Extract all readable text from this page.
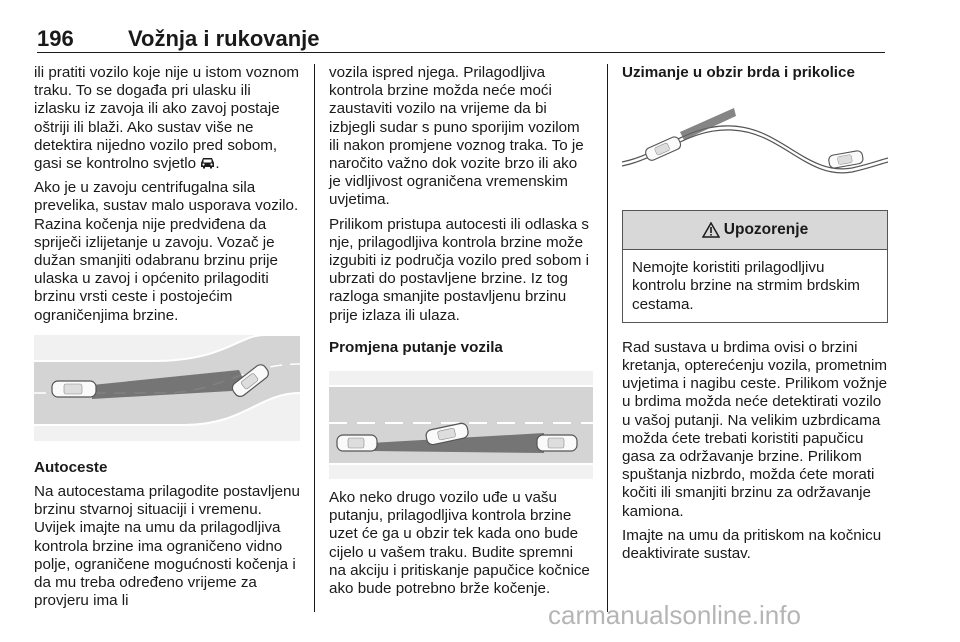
196 Vožnja i rukovanje

ili pratiti vozilo koje nije u istom voznom traku. To se događa pri ulasku ili izlasku iz zavoja ili ako zavoj postaje oštriji ili blaži. Ako sustav više ne detektira nijedno vozilo pred sobom, gasi se kontrolno svjetlo .

Ako je u zavoju centrifugalna sila prevelika, sustav malo usporava vozilo. Razina kočenja nije predviđena da spriječi izlijetanje u zavoju. Vozač je dužan smanjiti odabranu brzinu prije ulaska u zavoj i općenito prilagoditi brzinu vrsti ceste i postojećim ograničenjima brzine.

Autoceste

Na autocestama prilagodite postavljenu brzinu stvarnoj situaciji i vremenu. Uvijek imajte na umu da prilagodljiva kontrola brzine ima ograničeno vidno polje, ograničene mogućnosti kočenja i da mu treba određeno vrijeme za provjeru ima li

vozila ispred njega. Prilagodljiva kontrola brzine možda neće moći zaustaviti vozilo na vrijeme da bi izbjegli sudar s puno sporijim vozilom ili nakon promjene voznog traka. To je naročito važno dok vozite brzo ili ako je vidljivost ograničena vremenskim uvjetima.

Prilikom pristupa autocesti ili odlaska s nje, prilagodljiva kontrola brzine može izgubiti iz područja vozilo pred sobom i ubrzati do postavljene brzine. Iz tog razloga smanjite postavljenu brzinu prije izlaza ili ulaza.

Promjena putanje vozila

Ako neko drugo vozilo uđe u vašu putanju, prilagodljiva kontrola brzine uzet će ga u obzir tek kada ono bude cijelo u vašem traku. Budite spremni na akciju i pritiskanje papučice kočnice ako bude potrebno brže kočenje.

Uzimanje u obzir brda i prikolice

Upozorenje
Nemojte koristiti prilagodljivu kontrolu brzine na strmim brdskim cestama.

Rad sustava u brdima ovisi o brzini kretanja, opterećenju vozila, prometnim uvjetima i nagibu ceste. Prilikom vožnje u brdima možda neće detektirati vozilo u vašoj putanji. Na velikim uzbrdicama možda ćete trebati koristiti papučicu gasa za održavanje brzine. Prilikom spuštanja nizbrdo, možda ćete morati kočiti ili smanjiti brzinu za održavanje kamiona.

Imajte na umu da pritiskom na kočnicu deaktivirate sustav.

carmanualsonline.info
